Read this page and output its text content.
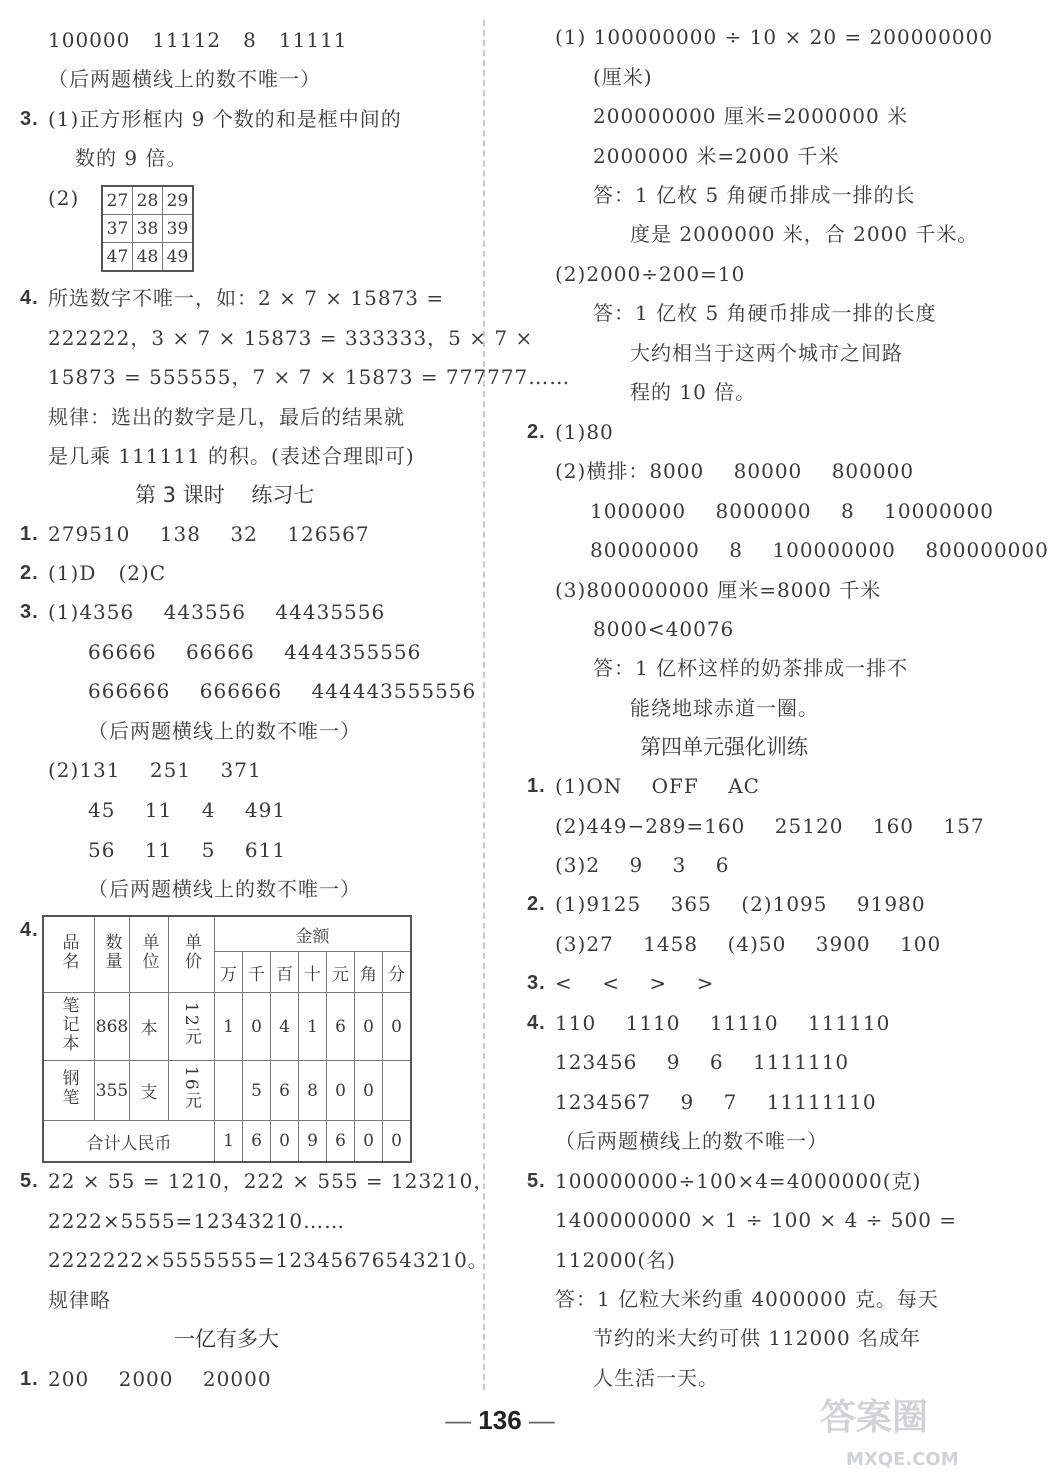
100000   11112   8   11111
（后两题横线上的数不唯一）
3. (1)正方形框内 9 个数的和是框中间的
数的 9 倍。
(2) 27	28	29
37	38	39
47	48	49
4. 所选数字不唯一，如：2 × 7 × 15873 =
222222，3 × 7 × 15873 = 333333，5 × 7 ×
15873 = 555555，7 × 7 × 15873 = 777777……
规律：选出的数字是几，最后的结果就
是几乘 111111 的积。(表述合理即可)
第 3 课时    练习七
1. 279510    138    32    126567
2. (1)D   (2)C
3. (1)4356    443556    44435556
66666    66666    4444355556
666666    666666    444443555556
（后两题横线上的数不唯一）
(2)131    251    371
45    11    4    491
56    11    5    611
（后两题横线上的数不唯一）
4.
品名	数量	单位	单价	金额						
				万	千	百	十	元	角	分
笔记本	868	本	12元	1	0	4	1	6	0	0
钢笔	355	支	16元		5	6	8	0	0	
合计人民币				1	6	0	9	6	0	0
5. 22 × 55 = 1210，222 × 555 = 123210，
2222×5555=12343210……
2222222×5555555=12345676543210。
规律略
一亿有多大
1. 200    2000    20000
(1) 100000000 ÷ 10 × 20 = 200000000
(厘米)
200000000 厘米=2000000 米
2000000 米=2000 千米
答：1 亿枚 5 角硬币排成一排的长
度是 2000000 米，合 2000 千米。
(2)2000÷200=10
答：1 亿枚 5 角硬币排成一排的长度
大约相当于这两个城市之间路
程的 10 倍。
2. (1)80
(2)横排：8000    80000    800000
1000000    8000000    8    10000000
80000000    8    100000000    800000000
(3)800000000 厘米=8000 千米
8000<40076
答：1 亿杯这样的奶茶排成一排不
能绕地球赤道一圈。
第四单元强化训练
1. (1)ON    OFF    AC
(2)449−289=160    25120    160    157
(3)2    9    3    6
2. (1)9125    365    (2)1095    91980
(3)27    1458    (4)50    3900    100
3. <    <    >    >
4. 110    1110    11110    111110
123456    9    6    1111110
1234567    9    7    11111110
（后两题横线上的数不唯一）
5. 100000000÷100×4=4000000(克)
1400000000 × 1 ÷ 100 × 4 ÷ 500 =
112000(名)
答：1 亿粒大米约重 4000000 克。每天
节约的米大约可供 112000 名成年
人生活一天。
— 136 —	答案圈
MXQE.COM
